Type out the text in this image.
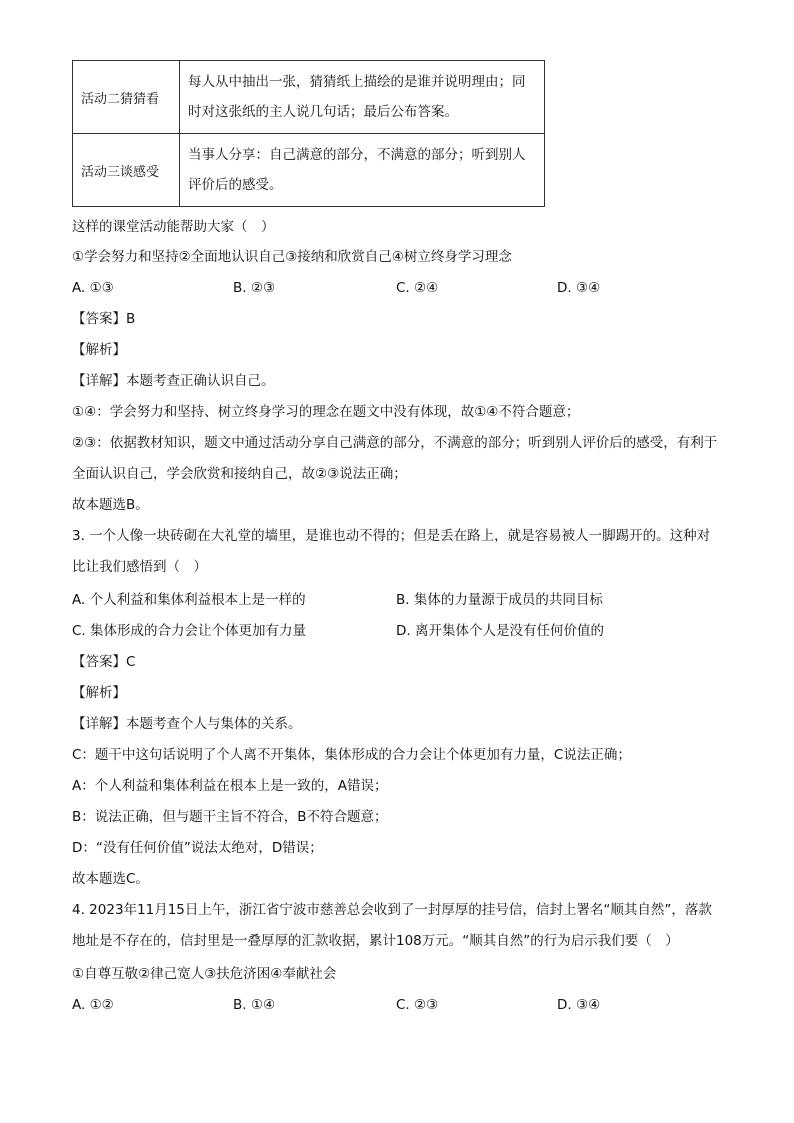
活动二猜猜看	每人从中抽出一张，猜猜纸上描绘的是谁并说明理由；同时对这张纸的主人说几句话；最后公布答案。
活动三谈感受	当事人分享：自己满意的部分，不满意的部分；听到别人评价后的感受。
这样的课堂活动能帮助大家（　）
①学会努力和坚持②全面地认识自己③接纳和欣赏自己④树立终身学习理念
A. ①③	B. ②③	C. ②④	D. ③④
【答案】B
【解析】
【详解】本题考查正确认识自己。
①④：学会努力和坚持、树立终身学习的理念在题文中没有体现，故①④不符合题意；
②③：依据教材知识，题文中通过活动分享自己满意的部分，不满意的部分；听到别人评价后的感受，有利于全面认识自己，学会欣赏和接纳自己，故②③说法正确；
故本题选B。
3. 一个人像一块砖砌在大礼堂的墙里，是谁也动不得的；但是丢在路上，就是容易被人一脚踢开的。这种对比让我们感悟到（　）
A. 个人利益和集体利益根本上是一样的	B. 集体的力量源于成员的共同目标
C. 集体形成的合力会让个体更加有力量	D. 离开集体个人是没有任何价值的
【答案】C
【解析】
【详解】本题考查个人与集体的关系。
C：题干中这句话说明了个人离不开集体，集体形成的合力会让个体更加有力量，C说法正确；
A：个人利益和集体利益在根本上是一致的，A错误；
B：说法正确，但与题干主旨不符合，B不符合题意；
D：“没有任何价值”说法太绝对，D错误；
故本题选C。
4. 2023年11月15日上午，浙江省宁波市慈善总会收到了一封厚厚的挂号信，信封上署名“顺其自然”，落款地址是不存在的，信封里是一叠厚厚的汇款收据，累计108万元。“顺其自然”的行为启示我们要（　）
①自尊互敬②律己宽人③扶危济困④奉献社会
A. ①②	B. ①④	C. ②③	D. ③④
